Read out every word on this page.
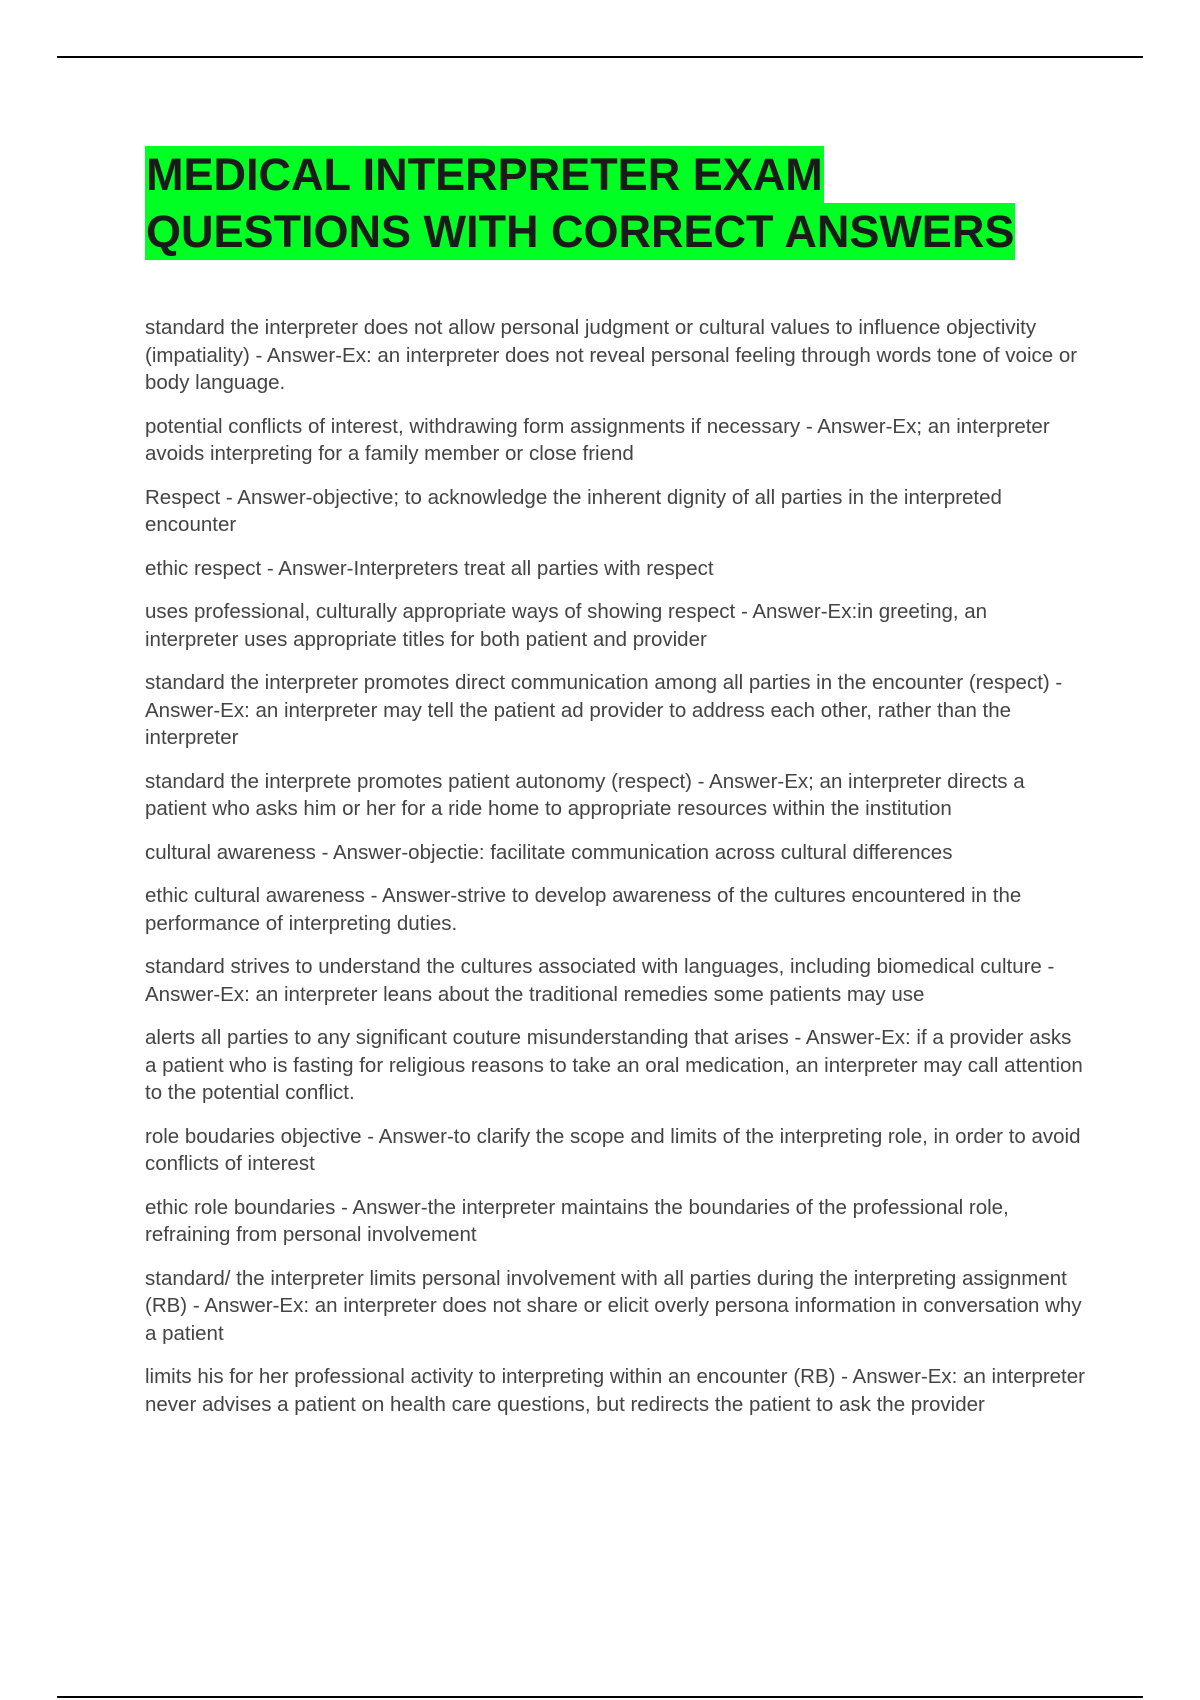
MEDICAL INTERPRETER EXAM
QUESTIONS WITH CORRECT ANSWERS

standard the interpreter does not allow personal judgment or cultural values to influence objectivity (impatiality) - Answer-Ex: an interpreter does not reveal personal feeling through words tone of voice or body language.

potential conflicts of interest, withdrawing form assignments if necessary - Answer-Ex; an interpreter avoids interpreting for a family member or close friend

Respect - Answer-objective; to acknowledge the inherent dignity of all parties in the interpreted encounter

ethic respect - Answer-Interpreters treat all parties with respect

uses professional, culturally appropriate ways of showing respect - Answer-Ex:in greeting, an interpreter uses appropriate titles for both patient and provider

standard the interpreter promotes direct communication among all parties in the encounter (respect) - Answer-Ex: an interpreter may tell the patient ad provider to address each other, rather than the interpreter

standard the interprete promotes patient autonomy (respect) - Answer-Ex; an interpreter directs a patient who asks him or her for a ride home to appropriate resources within the institution

cultural awareness - Answer-objectie: facilitate communication across cultural differences

ethic cultural awareness - Answer-strive to develop awareness of the cultures encountered in the performance of interpreting duties.

standard strives to understand the cultures associated with languages, including biomedical culture - Answer-Ex: an interpreter leans about the traditional remedies some patients may use

alerts all parties to any significant couture misunderstanding that arises - Answer-Ex: if a provider asks a patient who is fasting for religious reasons to take an oral medication, an interpreter may call attention to the potential conflict.

role boudaries objective - Answer-to clarify the scope and limits of the interpreting role, in order to avoid conflicts of interest

ethic role boundaries - Answer-the interpreter maintains the boundaries of the professional role, refraining from personal involvement

standard/ the interpreter limits personal involvement with all parties during the interpreting assignment (RB) - Answer-Ex: an interpreter does not share or elicit overly persona information in conversation why a patient

limits his for her professional activity to interpreting within an encounter (RB) - Answer-Ex: an interpreter never advises a patient on health care questions, but redirects the patient to ask the provider
